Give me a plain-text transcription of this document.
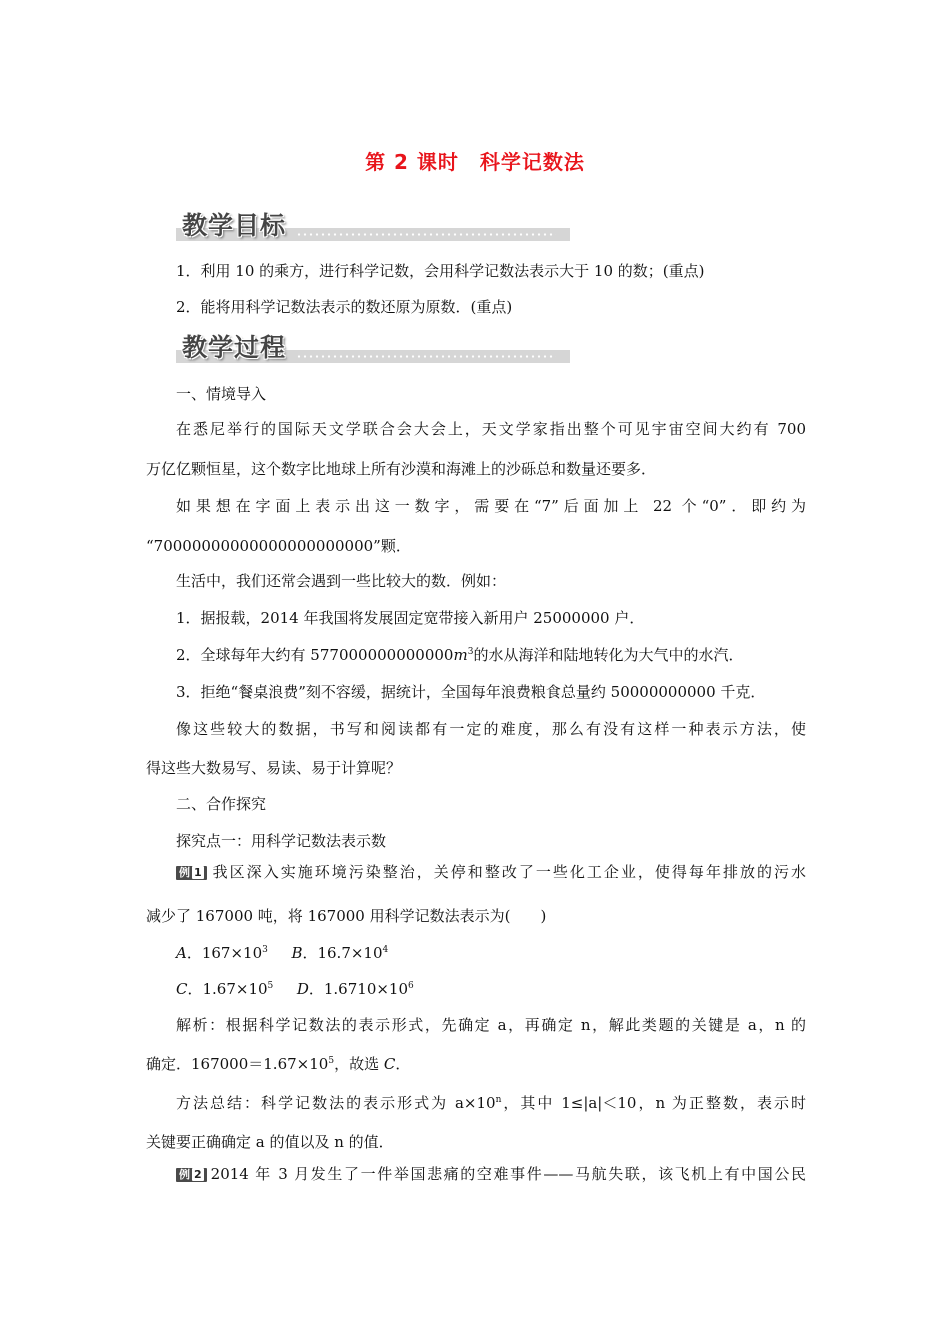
第 2 课时　科学记数法
教学目标
1．利用 10 的乘方，进行科学记数，会用科学记数法表示大于 10 的数；(重点)
2．能将用科学记数法表示的数还原为原数．(重点)
教学过程
一、情境导入
在悉尼举行的国际天文学联合会大会上，天文学家指出整个可见宇宙空间大约有 700
万亿亿颗恒星，这个数字比地球上所有沙漠和海滩上的沙砾总和数量还要多．
如果想在字面上表示出这一数字，需要在“7”后面加上 22 个“0”．即约为
“70000000000000000000000”颗．
生活中，我们还常会遇到一些比较大的数．例如：
1．据报载，2014 年我国将发展固定宽带接入新用户 25000000 户．
2．全球每年大约有 $577000000000000m^3$的水从海洋和陆地转化为大气中的水汽．
3．拒绝“餐桌浪费”刻不容缓，据统计，全国每年浪费粮食总量约 50000000000 千克．
像这些较大的数据，书写和阅读都有一定的难度，那么有没有这样一种表示方法，使
得这些大数易写、易读、易于计算呢？
二、合作探究
探究点一：用科学记数法表示数
例 1 我区深入实施环境污染整治，关停和整改了一些化工企业，使得每年排放的污水
减少了 167000 吨，将 167000 用科学记数法表示为(　　)
A．$167\times 10^3$ B．$16.7\times 10^4$
C．$1.67\times 10^5$ D．$1.6710\times 10^6$
解析：根据科学记数法的表示形式，先确定 a，再确定 n，解此类题的关键是 a，n 的
确定．$167000=1.67\times 10^5$，故选 C．
方法总结：科学记数法的表示形式为 $a\times 10^n$，其中 1≤|a|＜10，n 为正整数，表示时
关键要正确确定 a 的值以及 n 的值．
例 2 2014 年 3 月发生了一件举国悲痛的空难事件——马航失联，该飞机上有中国公民
